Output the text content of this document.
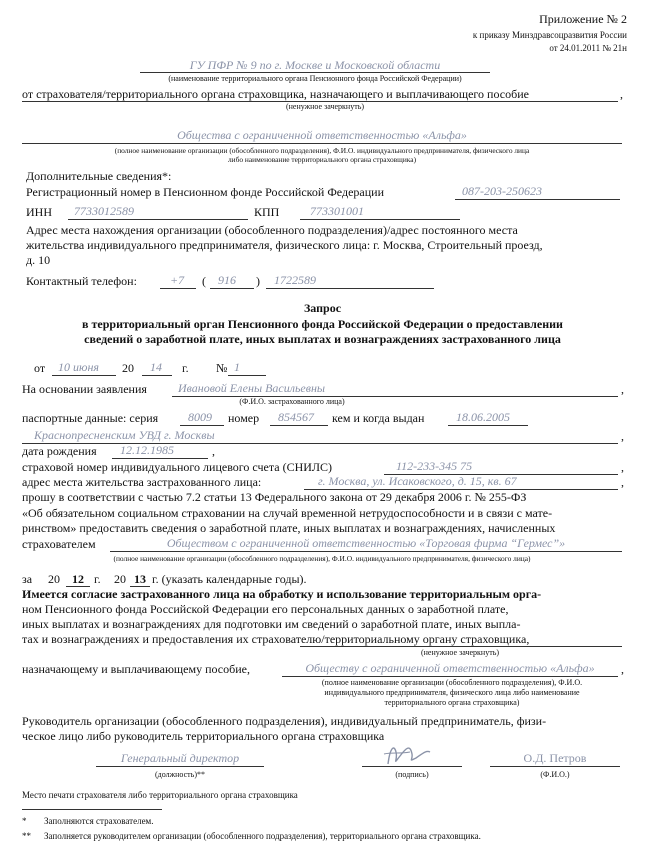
Приложение № 2
к приказу Минздравсоцразвития России
от 24.01.2011 № 21н
ГУ ПФР № 9 по г. Москве и Московской области
(наименование территориального органа Пенсионного фонда Российской Федерации)
от страхователя/территориального органа страховщика, назначающего и выплачивающего пособие	,
(ненужное зачеркнуть)
Общества с ограниченной ответственностью «Альфа»
(полное наименование организации (обособленного подразделения), Ф.И.О. индивидуального предпринимателя, физического лица
либо наименование территориального органа страховщика)
Дополнительные сведения*:
Регистрационный номер в Пенсионном фонде Российской Федерации	087-203-250623
ИНН 7733012589	КПП	773301001
Адрес места нахождения организации (обособленного подразделения)/адрес постоянного места
жительства индивидуального предпринимателя, физического лица: г. Москва, Строительный проезд,
д. 10
Контактный телефон:	+7 ( 916 ) 1722589
Запрос
в территориальный орган Пенсионного фонда Российской Федерации о предоставлении
сведений о заработной плате, иных выплатах и вознаграждениях застрахованного лица
от 10 июня 20 14 г. № 1
На основании заявления	Ивановой Елены Васильевны	,
(Ф.И.О. застрахованного лица)
паспортные данные: серия 8009 номер 854567 кем и когда выдан	18.06.2005
Краснопресненским УВД г. Москвы	,
дата рождения 12.12.1985	,
страховой номер индивидуального лицевого счета (СНИЛС)	112-233-345 75	,
адрес места жительства застрахованного лица:	г. Москва, ул. Исаковского, д. 15, кв. 67	,
прошу в соответствии с частью 7.2 статьи 13 Федерального закона от 29 декабря 2006 г. № 255-ФЗ
«Об обязательном социальном страховании на случай временной нетрудоспособности и в связи с мате-
ринством» предоставить сведения о заработной плате, иных выплатах и вознаграждениях, начисленных
страхователем	Обществом с ограниченной ответственностью «Торговая фирма “Гермес”»
(полное наименование организации (обособленного подразделения), Ф.И.О. индивидуального предпринимателя, физического лица)
за 20 12 г. 20 13 г. (указать календарные годы).
Имеется согласие застрахованного лица на обработку и использование территориальным орга-
ном Пенсионного фонда Российской Федерации его персональных данных о заработной плате,
иных выплатах и вознаграждениях для подготовки им сведений о заработной плате, иных выпла-
тах и вознаграждениях и предоставления их страхователю/территориальному органу страховщика,
(ненужное зачеркнуть)
назначающему и выплачивающему пособие,	Обществу с ограниченной ответственностью «Альфа»	,
(полное наименование организации (обособленного подразделения), Ф.И.О.
индивидуального предпринимателя, физического лица либо наименование
территориального органа страховщика)
Руководитель организации (обособленного подразделения), индивидуальный предприниматель, физи-
ческое лицо либо руководитель территориального органа страховщика
Генеральный директор
(должность)**	(подпись)
О.Д. Петров
(Ф.И.О.)
Место печати страхователя либо территориального органа страховщика
* Заполняются страхователем.
** Заполняется руководителем организации (обособленного подразделения), территориального органа страховщика.
